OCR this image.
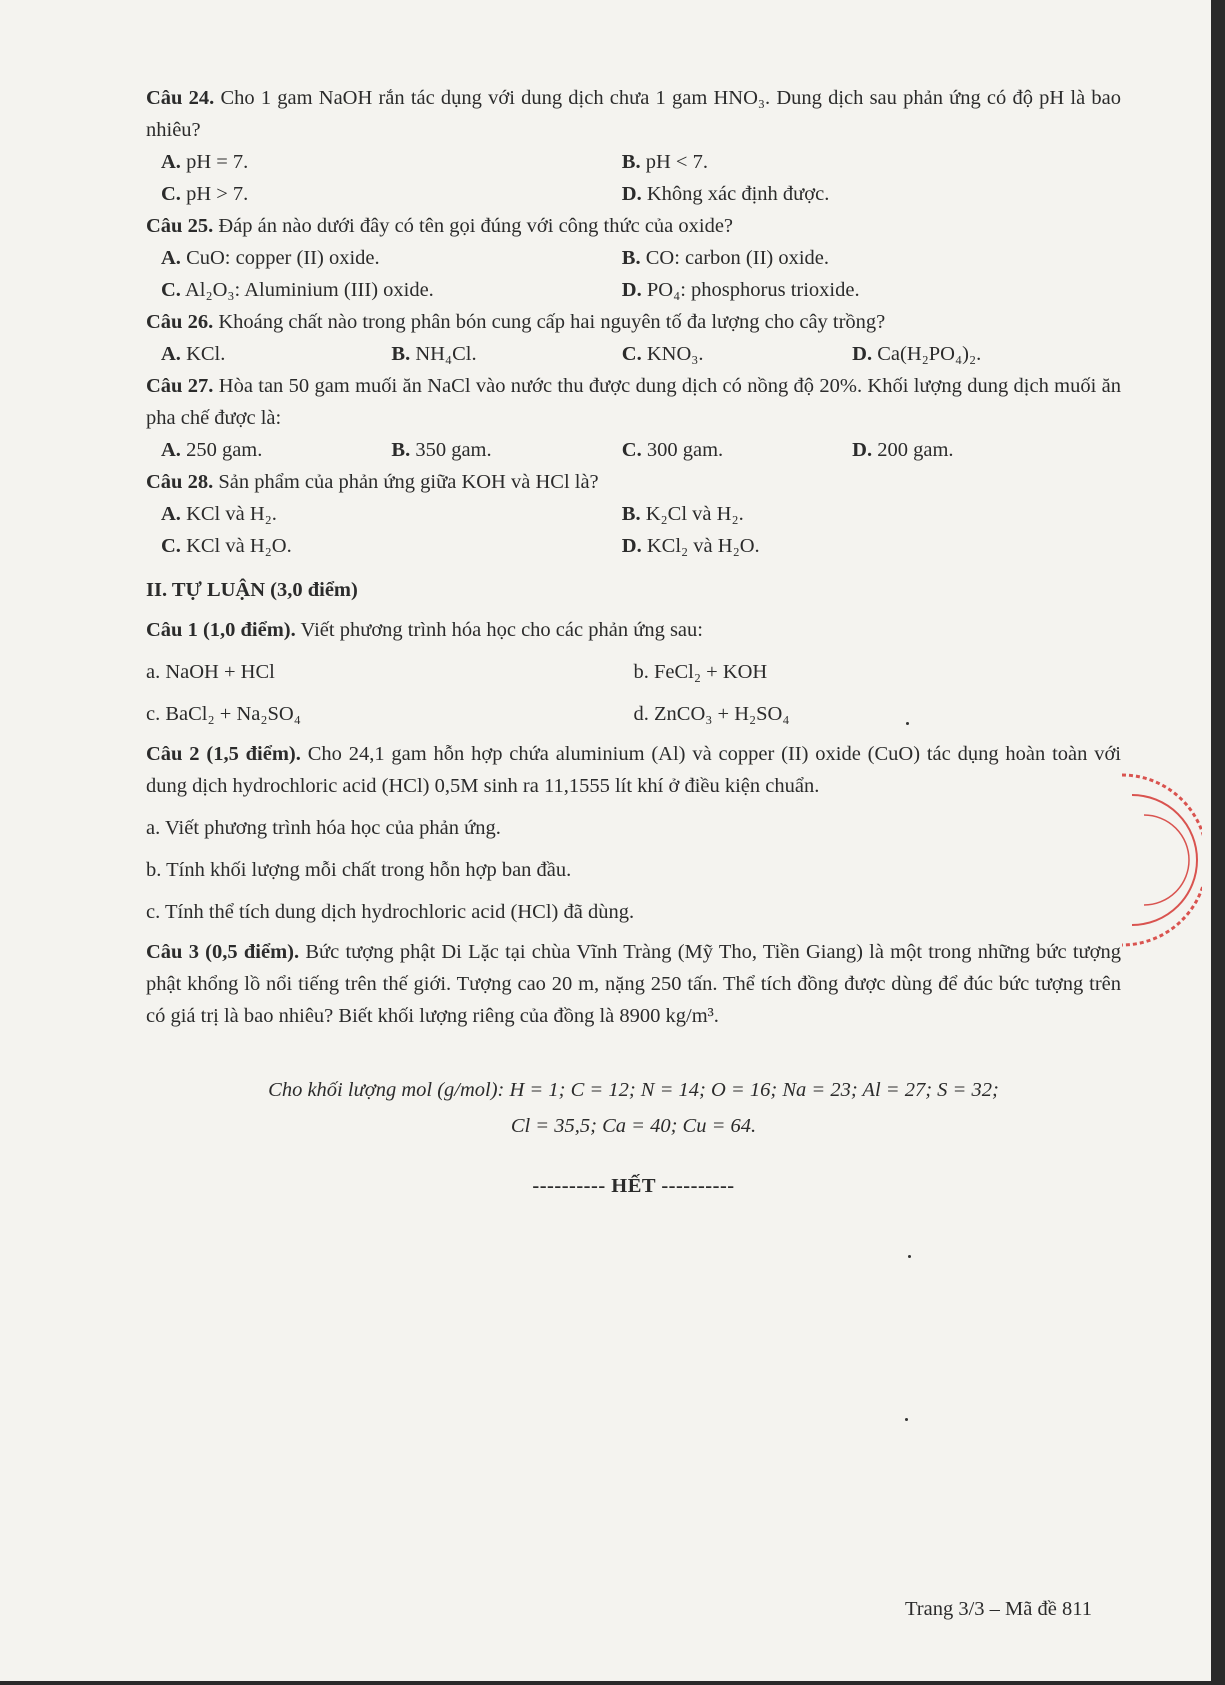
Câu 24. Cho 1 gam NaOH rắn tác dụng với dung dịch chưa 1 gam HNO₃. Dung dịch sau phản ứng có độ pH là bao nhiêu?

A. pH = 7.	B. pH < 7.
C. pH > 7.	D. Không xác định được.

Câu 25. Đáp án nào dưới đây có tên gọi đúng với công thức của oxide?

A. CuO: copper (II) oxide.	B. CO: carbon (II) oxide.
C. Al₂O₃: Aluminium (III) oxide.	D. PO₄: phosphorus trioxide.

Câu 26. Khoáng chất nào trong phân bón cung cấp hai nguyên tố đa lượng cho cây trồng?

A. KCl.	B. NH₄Cl.	C. KNO₃.	D. Ca(H₂PO₄)₂.

Câu 27. Hòa tan 50 gam muối ăn NaCl vào nước thu được dung dịch có nồng độ 20%. Khối lượng dung dịch muối ăn pha chế được là:

A. 250 gam.	B. 350 gam.	C. 300 gam.	D. 200 gam.

Câu 28. Sản phẩm của phản ứng giữa KOH và HCl là?

A. KCl và H₂.	B. K₂Cl và H₂.
C. KCl và H₂O.	D. KCl₂ và H₂O.
II. TỰ LUẬN (3,0 điểm)

Câu 1 (1,0 điểm). Viết phương trình hóa học cho các phản ứng sau:

a. NaOH + HCl	b. FeCl₂ + KOH
c. BaCl₂ + Na₂SO₄	d. ZnCO₃ + H₂SO₄

Câu 2 (1,5 điểm). Cho 24,1 gam hỗn hợp chứa aluminium (Al) và copper (II) oxide (CuO) tác dụng hoàn toàn với dung dịch hydrochloric acid (HCl) 0,5M sinh ra 11,1555 lít khí ở điều kiện chuẩn.

a. Viết phương trình hóa học của phản ứng.
b. Tính khối lượng mỗi chất trong hỗn hợp ban đầu.
c. Tính thể tích dung dịch hydrochloric acid (HCl) đã dùng.

Câu 3 (0,5 điểm). Bức tượng phật Di Lặc tại chùa Vĩnh Tràng (Mỹ Tho, Tiền Giang) là một trong những bức tượng phật khổng lồ nổi tiếng trên thế giới. Tượng cao 20 m, nặng 250 tấn. Thể tích đồng được dùng để đúc bức tượng trên có giá trị là bao nhiêu? Biết khối lượng riêng của đồng là 8900 kg/m³.

Cho khối lượng mol (g/mol): H = 1; C = 12; N = 14; O = 16; Na = 23; Al = 27; S = 32;
Cl = 35,5; Ca = 40; Cu = 64.
---------- HẾT ----------
Trang 3/3 – Mã đề 811
